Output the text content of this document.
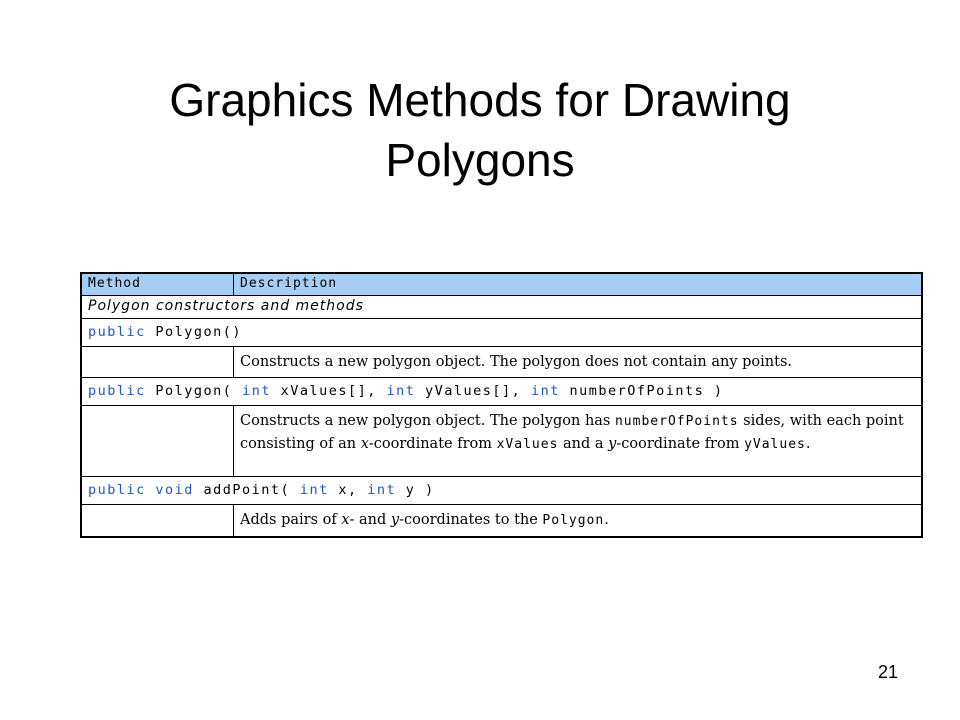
Graphics Methods for Drawing
Polygons
Method	Description
Polygon constructors and methods	
public Polygon()	
	Constructs a new polygon object. The polygon does not contain any points.
public Polygon( int xValues[], int yValues[], int numberOfPoints )	
	Constructs a new polygon object. The polygon has numberOfPoints sides, with each point consisting of an x-coordinate from xValues and a y-coordinate from yValues.
public void addPoint( int x, int y )	
	Adds pairs of x- and y-coordinates to the Polygon.
21
